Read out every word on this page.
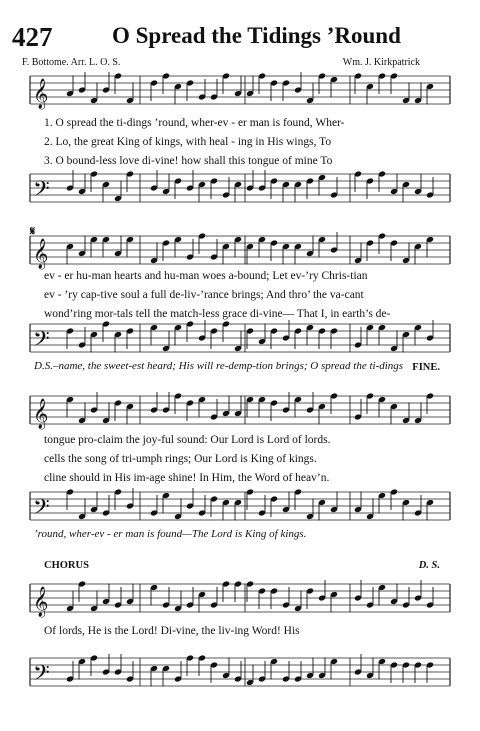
427	O Spread the Tidings ’Round
F. Bottome. Arr. L. O. S.	Wm. J. Kirkpatrick
𝄞
1. O spread the ti-dings ’round, wher-ev - er man is found, Wher-
2. Lo, the great King of kings, with heal - ing in His wings, To
3. O bound-less love di-vine! how shall this tongue of mine To
𝄢
𝄋
𝄞
ev - er hu-man hearts and hu-man woes a-bound; Let ev-’ry Chris-tian
ev - ’ry cap-tive soul a full de-liv-’rance brings; And thro’ the va-cant
wond’ring mor-tals tell the match-less grace di-vine— That I, in earth’s de-
𝄢
D.S.–name, the sweet-est heard; His will re-demp-tion brings; O spread the ti-dings FINE.
𝄞
tongue pro-claim the joy-ful sound: Our Lord is Lord of lords.
cells the song of tri-umph rings; Our Lord is King of kings.
cline should in His im-age shine! In Him, the Word of heav’n.
𝄢
’round, wher-ev - er man is found—The Lord is King of kings.
CHORUS	D. S.
𝄞
Of lords, He is the Lord! Di-vine, the liv-ing Word! His
𝄢
